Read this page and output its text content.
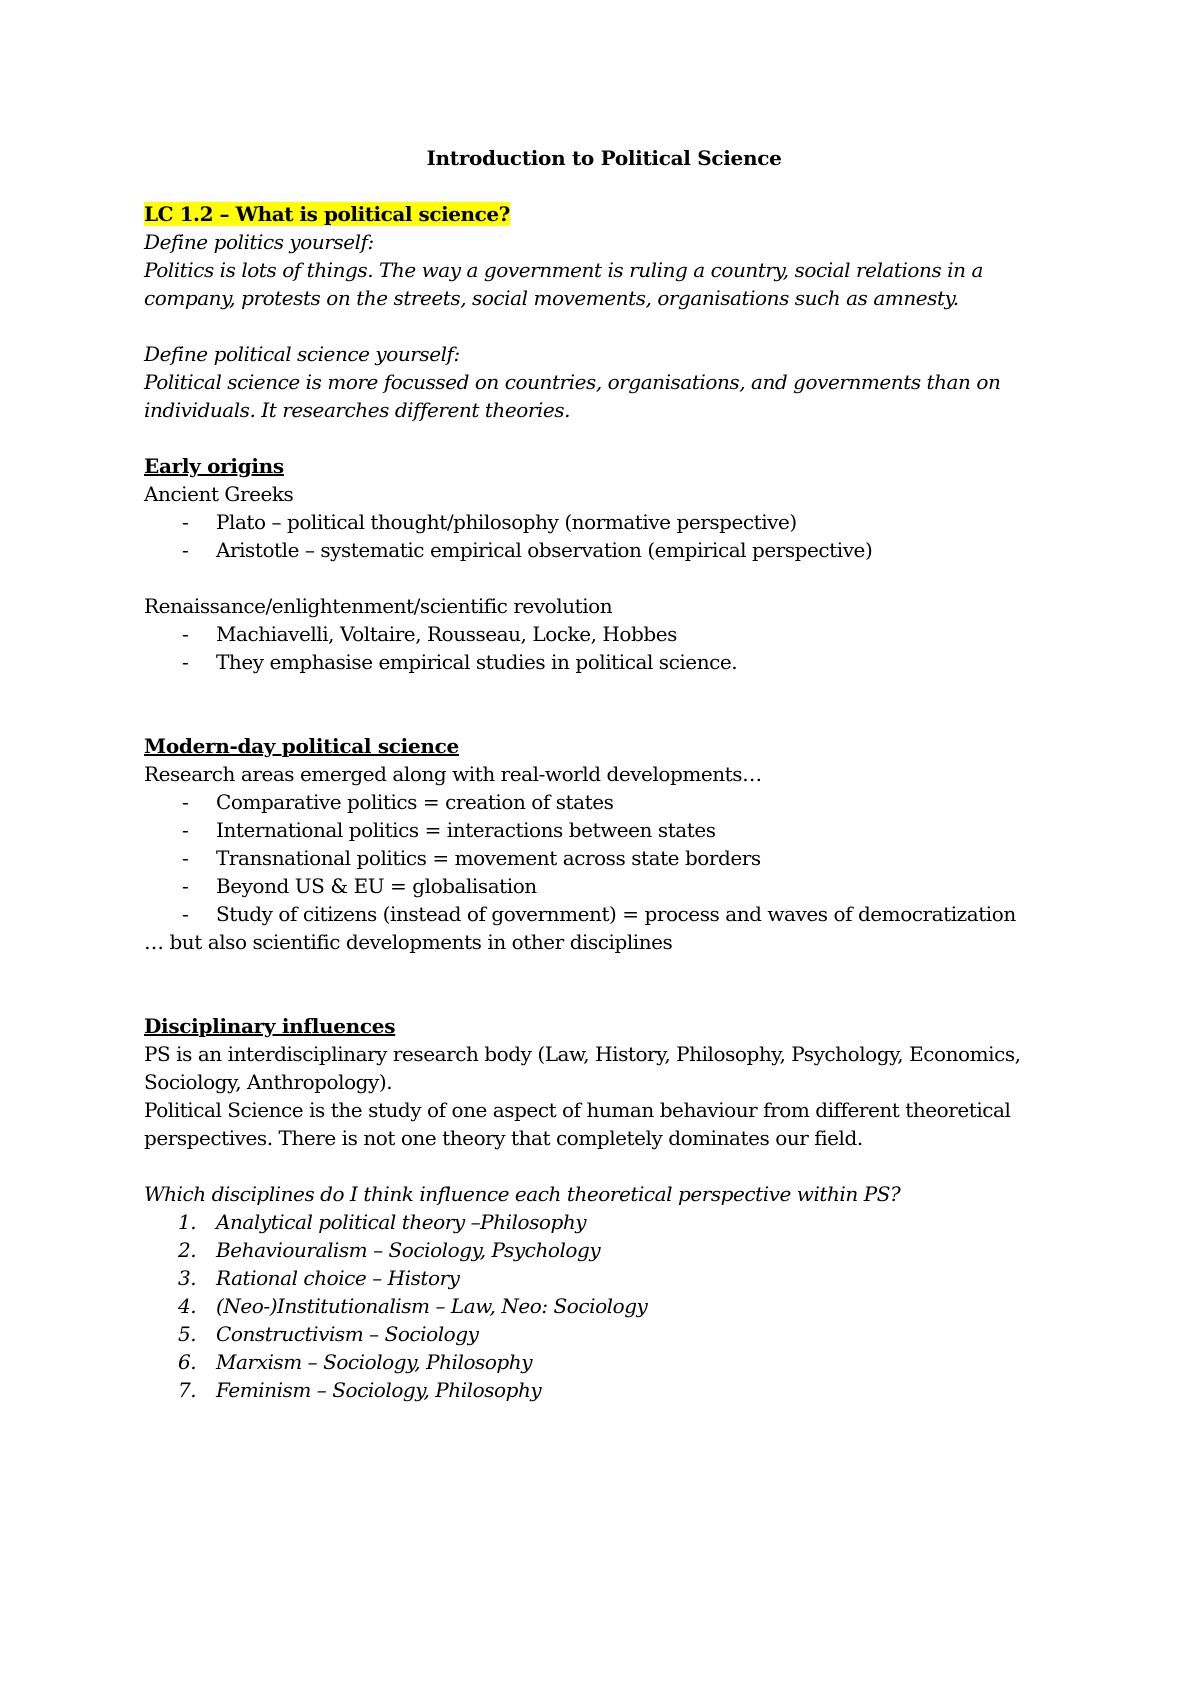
Introduction to Political Science
LC 1.2 – What is political science?
Define politics yourself:
Politics is lots of things. The way a government is ruling a country, social relations in a
company, protests on the streets, social movements, organisations such as amnesty.
Define political science yourself:
Political science is more focussed on countries, organisations, and governments than on
individuals. It researches different theories.
Early origins
Ancient Greeks
- Plato – political thought/philosophy (normative perspective)
- Aristotle – systematic empirical observation (empirical perspective)
Renaissance/enlightenment/scientific revolution
- Machiavelli, Voltaire, Rousseau, Locke, Hobbes
- They emphasise empirical studies in political science.
Modern-day political science
Research areas emerged along with real-world developments…
- Comparative politics = creation of states
- International politics = interactions between states
- Transnational politics = movement across state borders
- Beyond US & EU = globalisation
- Study of citizens (instead of government) = process and waves of democratization
… but also scientific developments in other disciplines
Disciplinary influences
PS is an interdisciplinary research body (Law, History, Philosophy, Psychology, Economics,
Sociology, Anthropology).
Political Science is the study of one aspect of human behaviour from different theoretical
perspectives. There is not one theory that completely dominates our field.
Which disciplines do I think influence each theoretical perspective within PS?
1. Analytical political theory –Philosophy
2. Behaviouralism – Sociology, Psychology
3. Rational choice – History
4. (Neo-)Institutionalism – Law, Neo: Sociology
5. Constructivism – Sociology
6. Marxism – Sociology, Philosophy
7. Feminism – Sociology, Philosophy
